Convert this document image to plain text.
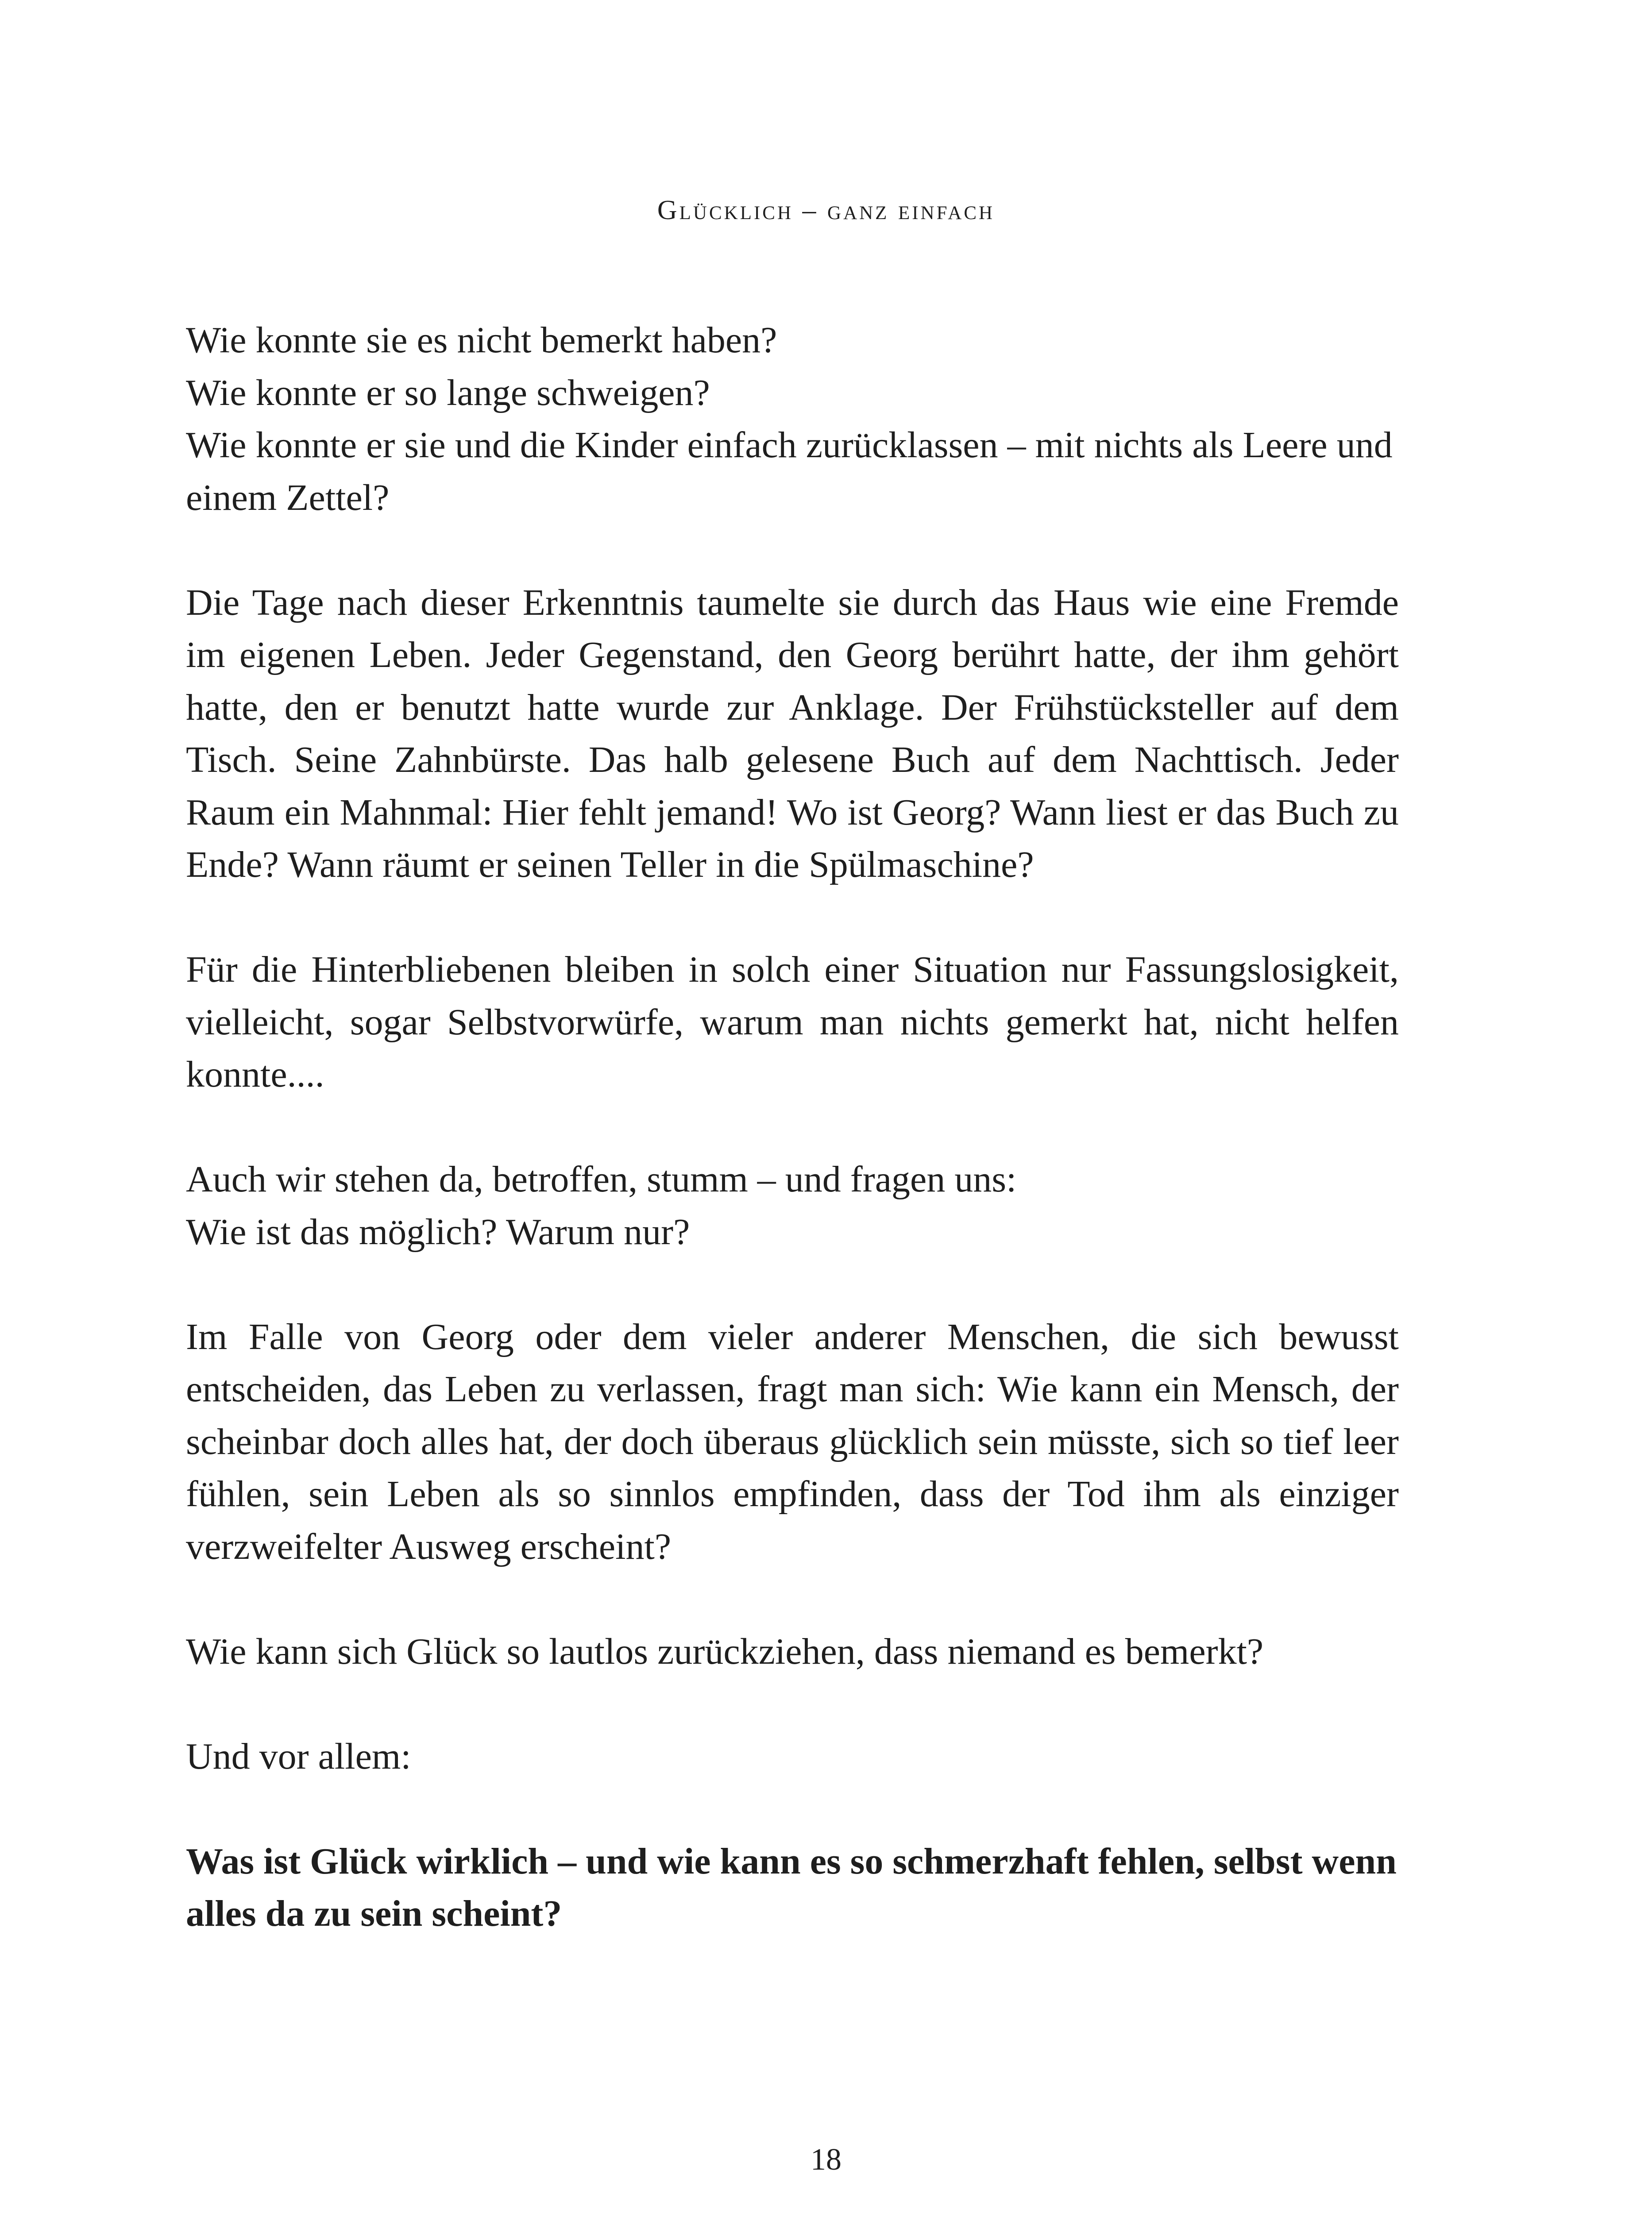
Glücklich – ganz einfach

Wie konnte sie es nicht bemerkt haben?
Wie konnte er so lange schweigen?
Wie konnte er sie und die Kinder einfach zurücklassen – mit nichts als Leere und einem Zettel?

Die Tage nach dieser Erkenntnis taumelte sie durch das Haus wie eine Fremde im eigenen Leben. Jeder Gegenstand, den Georg berührt hatte, der ihm gehört hatte, den er benutzt hatte wurde zur Anklage. Der Frühstücksteller auf dem Tisch. Seine Zahnbürste. Das halb gelesene Buch auf dem Nachttisch. Jeder Raum ein Mahnmal: Hier fehlt jemand! Wo ist Georg? Wann liest er das Buch zu Ende? Wann räumt er seinen Teller in die Spülmaschine?

Für die Hinterbliebenen bleiben in solch einer Situation nur Fassungslosigkeit, vielleicht, sogar Selbstvorwürfe, warum man nichts gemerkt hat, nicht helfen konnte....

Auch wir stehen da, betroffen, stumm – und fragen uns:
Wie ist das möglich? Warum nur?

Im Falle von Georg oder dem vieler anderer Menschen, die sich bewusst entscheiden, das Leben zu verlassen, fragt man sich: Wie kann ein Mensch, der scheinbar doch alles hat, der doch überaus glücklich sein müsste, sich so tief leer fühlen, sein Leben als so sinnlos empfinden, dass der Tod ihm als einziger verzweifelter Ausweg erscheint?

Wie kann sich Glück so lautlos zurückziehen, dass niemand es bemerkt?

Und vor allem:

Was ist Glück wirklich – und wie kann es so schmerzhaft fehlen, selbst wenn alles da zu sein scheint?

18
